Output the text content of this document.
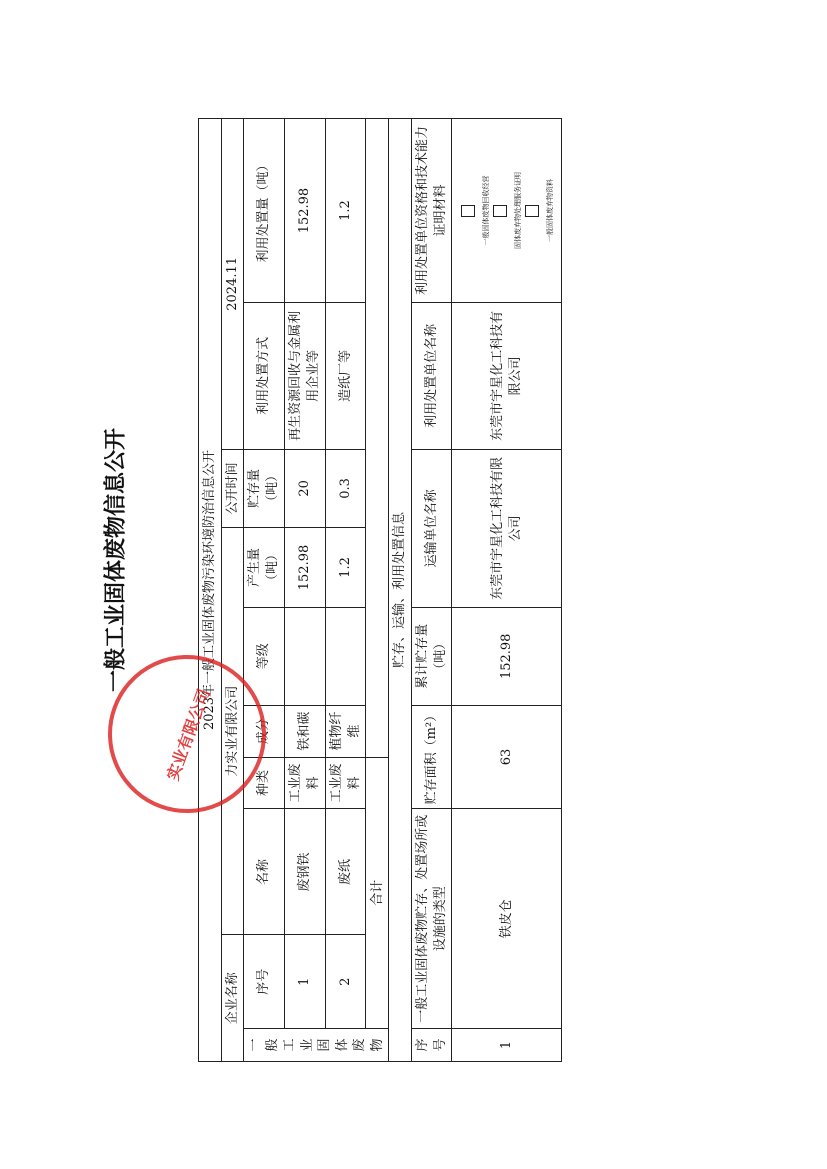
一般工业固体废物信息公开	2023年一般工业固体废物污染环境防治信息公开									
企业名称		力实业有限公司					公开时间	2024.11	
一般工业固体废物	序号	名称	种类	成分	等级	产生量（吨）	贮存量（吨）	利用处置方式	利用处置量（吨）
	1	废钢铁	工业废料	铁和碳		152.98	20	再生资源回收与金属利用企业等	152.98
	2	废纸	工业废料	植物纤维		1.2	0.3	造纸厂等	1.2
	合计								
贮存、运输、利用处置信息									
序号	一般工业固体废物贮存、处置场所或设施的类型		贮存面积（m²）		累计贮存量（吨）	运输单位名称		利用处置单位名称	利用处置单位资格和技术能力证明材料
1	铁皮仓		63		152.98	东莞市宇星化工科技有限公司		东莞市宇星化工科技有限公司	一般固体废物回收经营 固体废弃物处理服务证明 一般固体废弃物资料
实业有限公司
